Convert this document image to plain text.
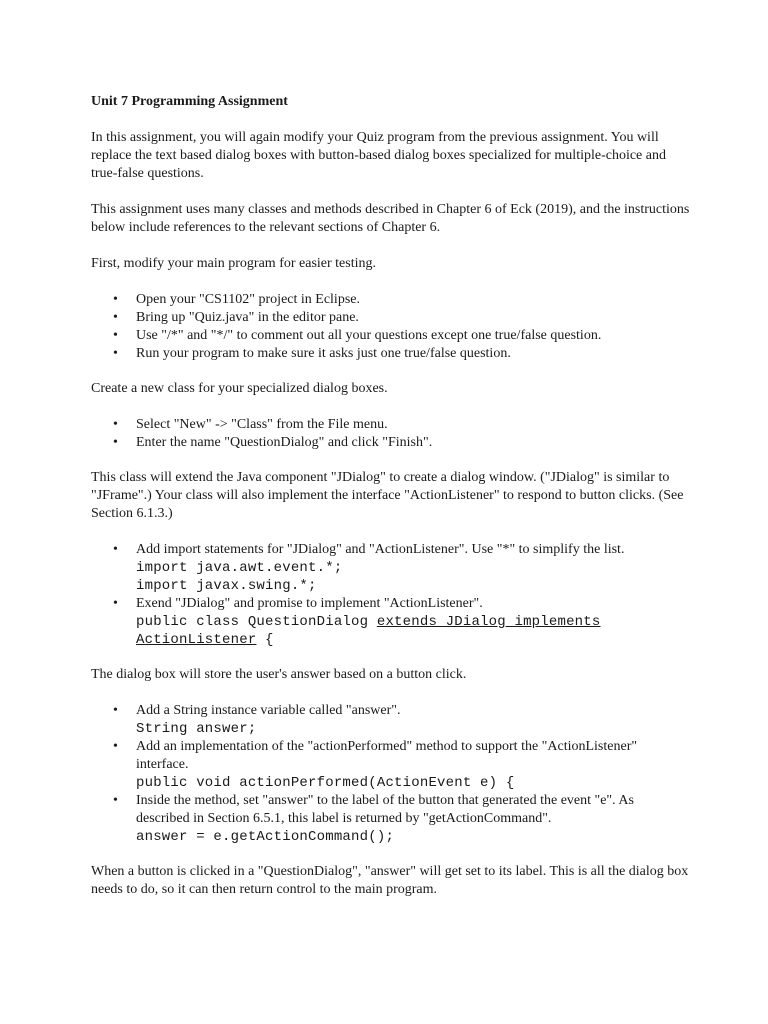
Unit 7 Programming Assignment

In this assignment, you will again modify your Quiz program from the previous assignment. You will replace the text based dialog boxes with button-based dialog boxes specialized for multiple-choice and true-false questions.

This assignment uses many classes and methods described in Chapter 6 of Eck (2019), and the instructions below include references to the relevant sections of Chapter 6.

First, modify your main program for easier testing.

• Open your "CS1102" project in Eclipse.
• Bring up "Quiz.java" in the editor pane.
• Use "/*" and "*/" to comment out all your questions except one true/false question.
• Run your program to make sure it asks just one true/false question.

Create a new class for your specialized dialog boxes.

• Select "New" -> "Class" from the File menu.
• Enter the name "QuestionDialog" and click "Finish".

This class will extend the Java component "JDialog" to create a dialog window. ("JDialog" is similar to "JFrame".) Your class will also implement the interface "ActionListener" to respond to button clicks. (See Section 6.1.3.)

• Add import statements for "JDialog" and "ActionListener". Use "*" to simplify the list.
import java.awt.event.*;
import javax.swing.*;
• Exend "JDialog" and promise to implement "ActionListener".
public class QuestionDialog extends JDialog implements ActionListener {

The dialog box will store the user's answer based on a button click.

• Add a String instance variable called "answer".
String answer;
• Add an implementation of the "actionPerformed" method to support the "ActionListener" interface.
public void actionPerformed(ActionEvent e) {
• Inside the method, set "answer" to the label of the button that generated the event "e". As described in Section 6.5.1, this label is returned by "getActionCommand".
answer = e.getActionCommand();

When a button is clicked in a "QuestionDialog", "answer" will get set to its label. This is all the dialog box needs to do, so it can then return control to the main program.
